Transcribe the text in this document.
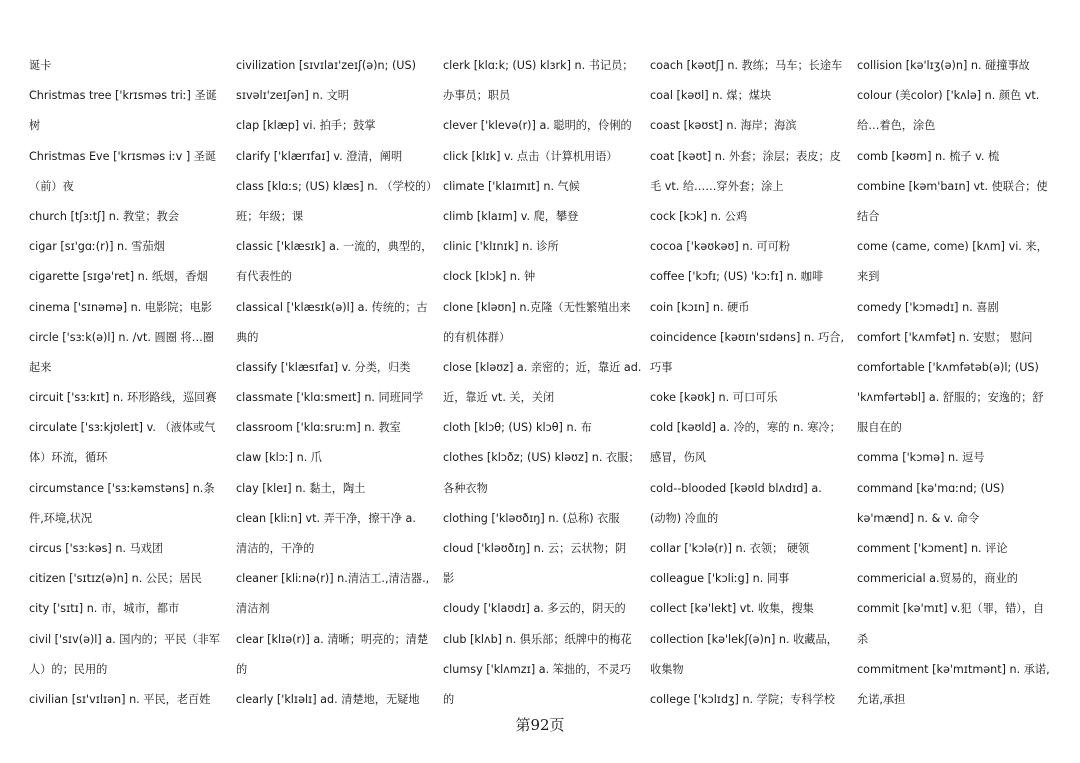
诞卡
Christmas tree ['krɪsməs triː] 圣诞
树
Christmas Eve ['krɪsməs iːv ] 圣诞
（前）夜
church [tʃɜːtʃ] n. 教堂；教会
cigar [sɪ'gɑː(r)] n. 雪茄烟
cigarette [sɪgə'ret] n. 纸烟，香烟
cinema ['sɪnəmə] n. 电影院；电影
circle ['sɜːk(ə)l] n. /vt. 圆圈 将…圈
起来
circuit ['sɜːkɪt] n. 环形路线，巡回赛
circulate ['sɜːkjʊleɪt] v. （液体或气
体）环流，循环
circumstance ['sɜːkəmstəns] n.条
件,环境,状况
circus ['sɜːkəs] n. 马戏团
citizen ['sɪtɪz(ə)n] n. 公民；居民
city ['sɪtɪ] n. 市，城市，都市
civil ['sɪv(ə)l] a. 国内的；平民（非军
人）的；民用的
civilian [sɪ'vɪlɪən] n. 平民，老百姓
civilization [sɪvɪlaɪ'zeɪʃ(ə)n; (US)
sɪvəlɪ'zeɪʃən] n. 文明
clap [klæp] vi. 拍手；鼓掌
clarify ['klærɪfaɪ] v. 澄清，阐明
class [klɑːs; (US) klæs] n. （学校的）
班；年级；课
classic ['klæsɪk] a. 一流的，典型的，
有代表性的
classical ['klæsɪk(ə)l] a. 传统的；古
典的
classify ['klæsɪfaɪ] v. 分类，归类
classmate ['klɑːsmeɪt] n. 同班同学
classroom ['klɑːsruːm] n. 教室
claw [klɔː] n. 爪
clay [kleɪ] n. 黏土，陶土
clean [kliːn] vt. 弄干净，擦干净 a.
清洁的，干净的
cleaner [kliːnə(r)] n.清洁工.,清洁器.,
清洁剂
clear [klɪə(r)] a. 清晰；明亮的；清楚
的
clearly ['klɪəlɪ] ad. 清楚地，无疑地
clerk [klɑːk; (US) klɜrk] n. 书记员；
办事员；职员
clever ['klevə(r)] a. 聪明的，伶俐的
click [klɪk] v. 点击（计算机用语）
climate ['klaɪmɪt] n. 气候
climb [klaɪm] v. 爬，攀登
clinic ['klɪnɪk] n. 诊所
clock [klɔk] n. 钟
clone [kləʊn] n.克隆（无性繁殖出来
的有机体群）
close [kləʊz] a. 亲密的；近，靠近 ad.
近，靠近 vt. 关，关闭
cloth [klɔθ; (US) klɔθ] n. 布
clothes [klɔðz; (US) kləʊz] n. 衣服；
各种衣物
clothing ['kləʊðɪŋ] n. (总称) 衣服
cloud ['kləʊðɪŋ] n. 云；云状物；阴
影
cloudy ['klaʊdɪ] a. 多云的，阴天的
club [klʌb] n. 俱乐部；纸牌中的梅花
clumsy ['klʌmzɪ] a. 笨拙的，不灵巧
的
coach [kəʊtʃ] n. 教练；马车；长途车
coal [kəʊl] n. 煤；煤块
coast [kəʊst] n. 海岸；海滨
coat [kəʊt] n. 外套；涂层；表皮；皮
毛 vt. 给……穿外套；涂上
cock [kɔk] n. 公鸡
cocoa ['kəʊkəʊ] n. 可可粉
coffee ['kɔfɪ; (US) 'kɔːfɪ] n. 咖啡
coin [kɔɪn] n. 硬币
coincidence [kəʊɪn'sɪdəns] n. 巧合,
巧事
coke [kəʊk] n. 可口可乐
cold [kəʊld] a. 冷的，寒的 n. 寒冷；
感冒，伤风
cold--blooded [kəʊld blʌdɪd] a.
(动物) 冷血的
collar ['kɔlə(r)] n. 衣领； 硬领
colleague ['kɔliːg] n. 同事
collect [kə'lekt] vt. 收集，搜集
collection [kə'lekʃ(ə)n] n. 收藏品，
收集物
college ['kɔlɪdʒ] n. 学院；专科学校
collision [kə'lɪʒ(ə)n] n. 碰撞事故
colour (美color) ['kʌlə] n. 颜色 vt.
给…着色，涂色
comb [kəʊm] n. 梳子 v. 梳
combine [kəm'baɪn] vt. 使联合；使
结合
come (came, come) [kʌm] vi. 来，
来到
comedy ['kɔmədɪ] n. 喜剧
comfort ['kʌmfət] n. 安慰； 慰问
comfortable ['kʌmfətəb(ə)l; (US)
'kʌmfərtəbl] a. 舒服的；安逸的；舒
服自在的
comma ['kɔmə] n. 逗号
command [kə'mɑːnd; (US)
kə'mænd] n. & v. 命令
comment ['kɔment] n. 评论
commericial a.贸易的，商业的
commit [kə'mɪt] v.犯（罪，错），自
杀
commitment [kə'mɪtmənt] n. 承诺,
允诺,承担
第92页
